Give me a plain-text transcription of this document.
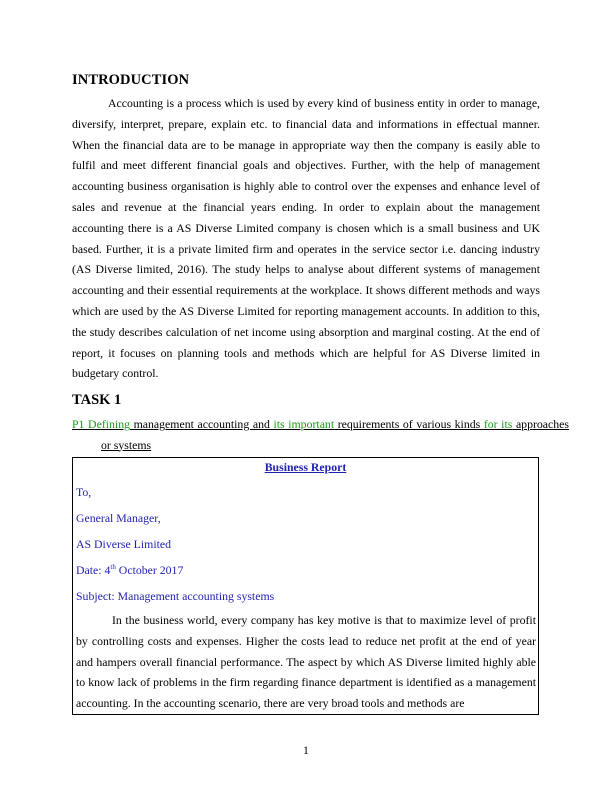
INTRODUCTION

Accounting is a process which is used by every kind of business entity in order to manage, diversify, interpret, prepare, explain etc. to financial data and informations in effectual manner. When the financial data are to be manage in appropriate way then the company is easily able to fulfil and meet different financial goals and objectives. Further, with the help of management accounting business organisation is highly able to control over the expenses and enhance level of sales and revenue at the financial years ending. In order to explain about the management accounting there is a AS Diverse Limited company is chosen which is a small business and UK based. Further, it is a private limited firm and operates in the service sector i.e. dancing industry (AS Diverse limited, 2016). The study helps to analyse about different systems of management accounting and their essential requirements at the workplace. It shows different methods and ways which are used by the AS Diverse Limited for reporting management accounts. In addition to this, the study describes calculation of net income using absorption and marginal costing. At the end of report, it focuses on planning tools and methods which are helpful for AS Diverse limited in budgetary control.

TASK 1

P1 Defining management accounting and its important requirements of various kinds for its approaches or systems

Business Report

To,

General Manager,

AS Diverse Limited

Date: 4th October 2017

Subject: Management accounting systems

In the business world, every company has key motive is that to maximize level of profit by controlling costs and expenses. Higher the costs lead to reduce net profit at the end of year and hampers overall financial performance. The aspect by which AS Diverse limited highly able to know lack of problems in the firm regarding finance department is identified as a management accounting. In the accounting scenario, there are very broad tools and methods are

1
